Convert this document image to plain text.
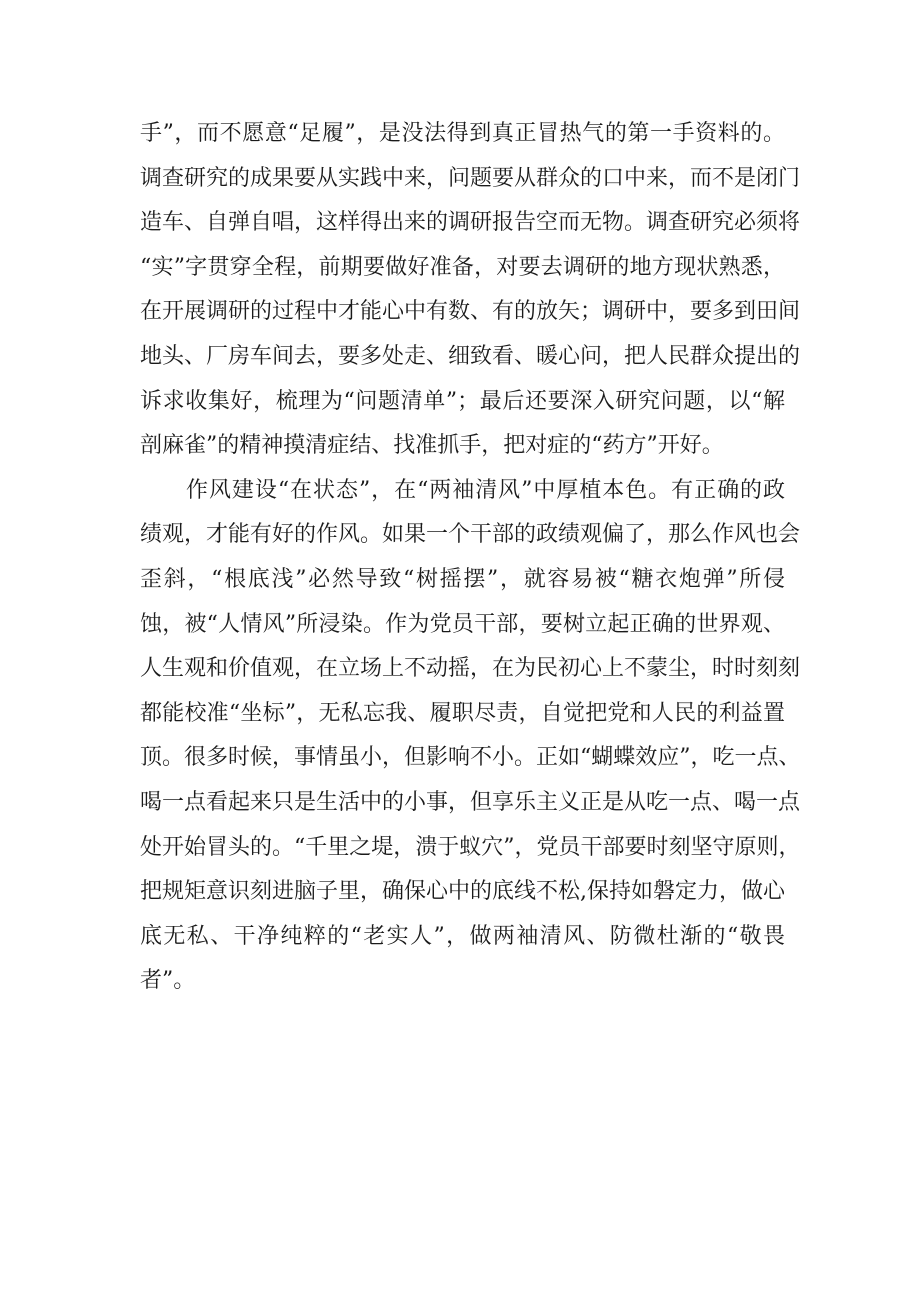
手”，而不愿意“足履”，是没法得到真正冒热气的第一手资料的。
调查研究的成果要从实践中来，问题要从群众的口中来，而不是闭门
造车、自弹自唱，这样得出来的调研报告空而无物。调查研究必须将
“实”字贯穿全程，前期要做好准备，对要去调研的地方现状熟悉，
在开展调研的过程中才能心中有数、有的放矢；调研中，要多到田间
地头、厂房车间去，要多处走、细致看、暖心问，把人民群众提出的
诉求收集好，梳理为“问题清单”；最后还要深入研究问题，以“解
剖麻雀”的精神摸清症结、找准抓手，把对症的“药方”开好。
作风建设“在状态”，在“两袖清风”中厚植本色。有正确的政
绩观，才能有好的作风。如果一个干部的政绩观偏了，那么作风也会
歪斜，“根底浅”必然导致“树摇摆”，就容易被“糖衣炮弹”所侵
蚀，被“人情风”所浸染。作为党员干部，要树立起正确的世界观、
人生观和价值观，在立场上不动摇，在为民初心上不蒙尘，时时刻刻
都能校准“坐标”，无私忘我、履职尽责，自觉把党和人民的利益置
顶。很多时候，事情虽小，但影响不小。正如“蝴蝶效应”，吃一点、
喝一点看起来只是生活中的小事，但享乐主义正是从吃一点、喝一点
处开始冒头的。“千里之堤，溃于蚁穴”，党员干部要时刻坚守原则，
把规矩意识刻进脑子里，确保心中的底线不松,保持如磐定力，做心
底无私、干净纯粹的“老实人”，做两袖清风、防微杜渐的“敬畏
者”。
